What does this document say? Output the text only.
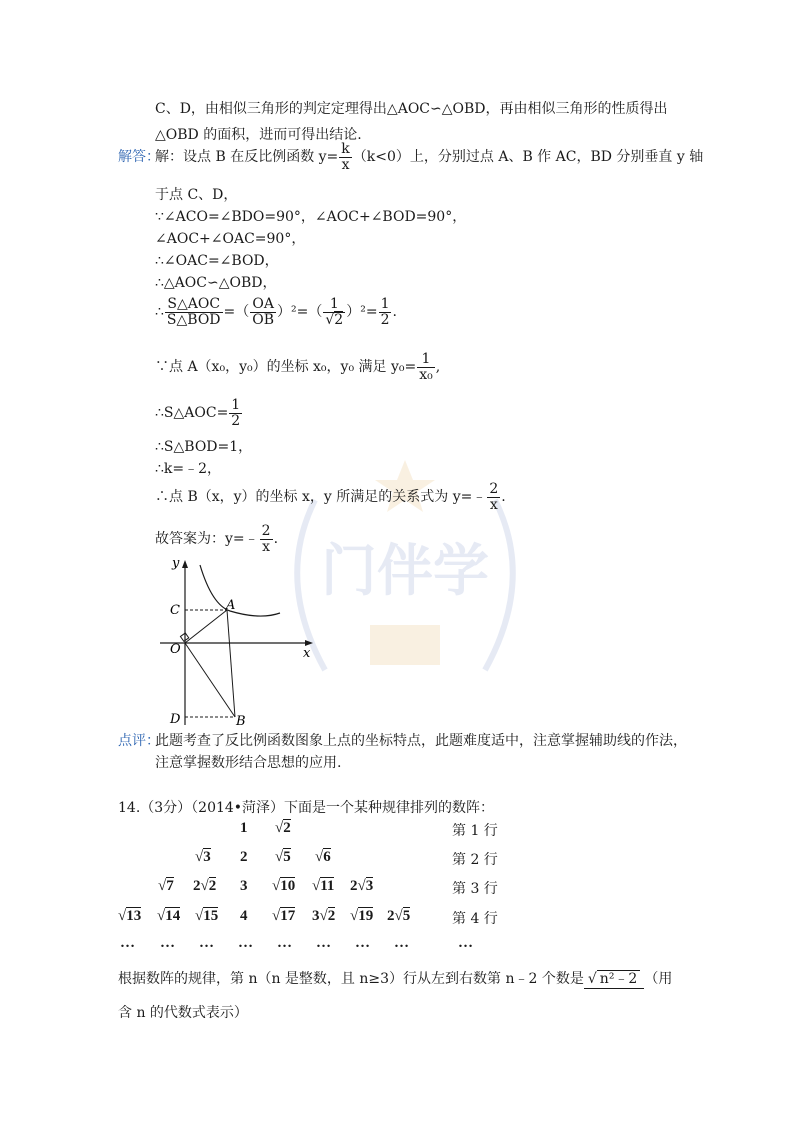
门伴学
C、D，由相似三角形的判定定理得出△AOC∽△OBD，再由相似三角形的性质得出
△OBD 的面积，进而可得出结论.
解答：
解：设点 B 在反比例函数 $y= \frac{k}{x} (k<0)$上，分别过点 A、B 作 AC，BD 分别垂直 y 轴
于点 C、D，
∵∠ACO=∠BDO=90°，∠AOC+∠BOD=90°，
∠AOC+∠OAC=90°，
∴∠OAC=∠BOD，
∴△AOC∽△OBD，
∴ $\frac{\text{S△AOC}}{\text{S△BOD}}$ =（ $\frac{OA}{OB} )^2=( \frac{1}{√2} )^2= \frac{1}{2}$ .
∵点 A（x₀，y₀）的坐标 x₀，y₀ 满足 $y_0= \frac{1}{\text{x₀}}$ ,
∴S△AOC= $\frac{1}{2}$
∴S△BOD=1，
∴k=﹣2，
∴点 B（x，y）的坐标 x，y 所满足的关系式为 y=﹣ $\frac{2}{x}$ .
故答案为：y=﹣ $\frac{2}{x}$ .
y
x
O
C	A
D	B
点评：
此题考查了反比例函数图象上点的坐标特点，此题难度适中，注意掌握辅助线的作法，
注意掌握数形结合思想的应用.
14.（3分）（2014•菏泽）下面是一个某种规律排列的数阵：
1 √2	第 1 行
√3 2 √5 √6	第 2 行
√7 2√2 3 √10 √11 2√3	第 3 行
√13 √14 √15 4 √17 3√2 √19 2√5	第 4 行
… … … … … … … …	…
根据数阵的规律，第 n（n 是整数，且 n≥3）行从左到右数第 n﹣2 个数是 √ n²﹣2 （用
含 n 的代数式表示）
